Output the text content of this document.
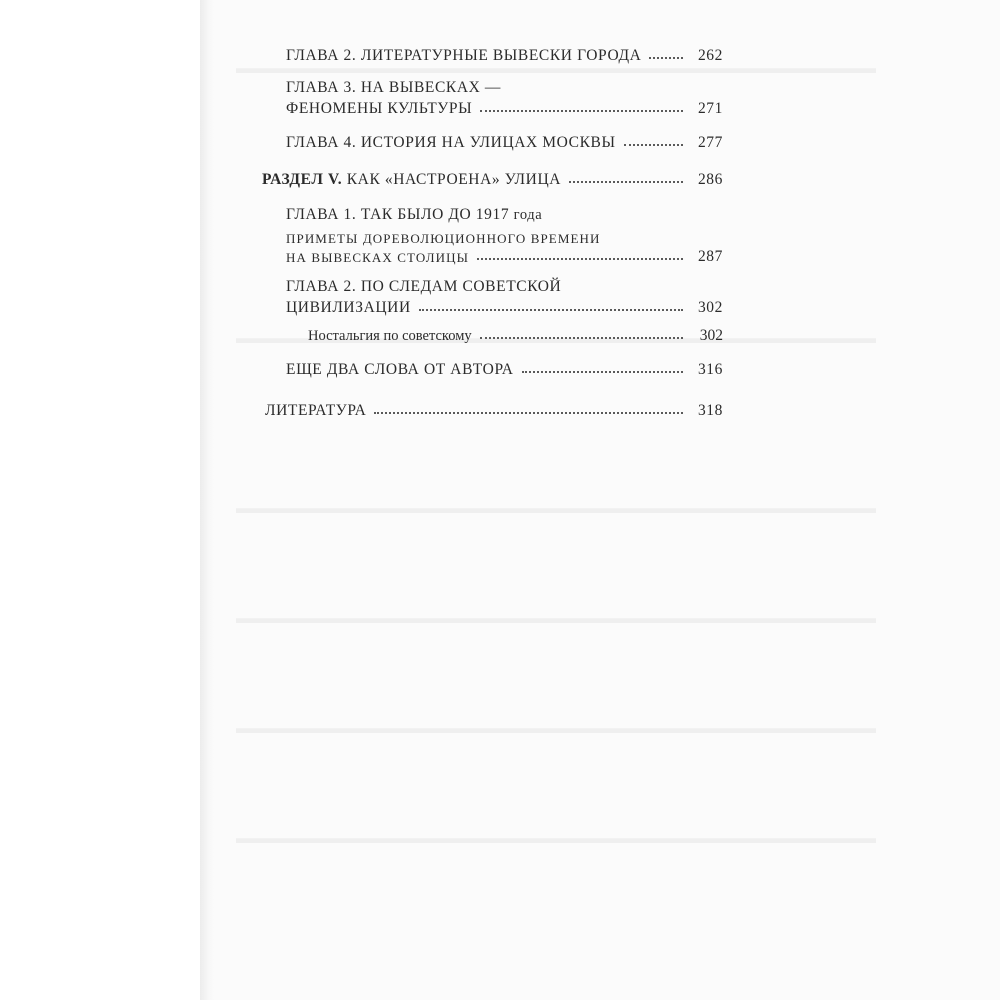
ГЛАВА 2. ЛИТЕРАТУРНЫЕ ВЫВЕСКИ ГОРОДА	262
ГЛАВА 3. НА ВЫВЕСКАХ —
ФЕНОМЕНЫ КУЛЬТУРЫ	271
ГЛАВА 4. ИСТОРИЯ НА УЛИЦАХ МОСКВЫ	277
РАЗДЕЛ V. КАК «НАСТРОЕНА» УЛИЦА	286
ГЛАВА 1. ТАК БЫЛО ДО 1917 года
ПРИМЕТЫ ДОРЕВОЛЮЦИОННОГО ВРЕМЕНИ
НА ВЫВЕСКАХ СТОЛИЦЫ	287
ГЛАВА 2. ПО СЛЕДАМ СОВЕТСКОЙ
ЦИВИЛИЗАЦИИ	302
Ностальгия по советскому	302
ЕЩЕ ДВА СЛОВА ОТ АВТОРА	316
ЛИТЕРАТУРА	318
